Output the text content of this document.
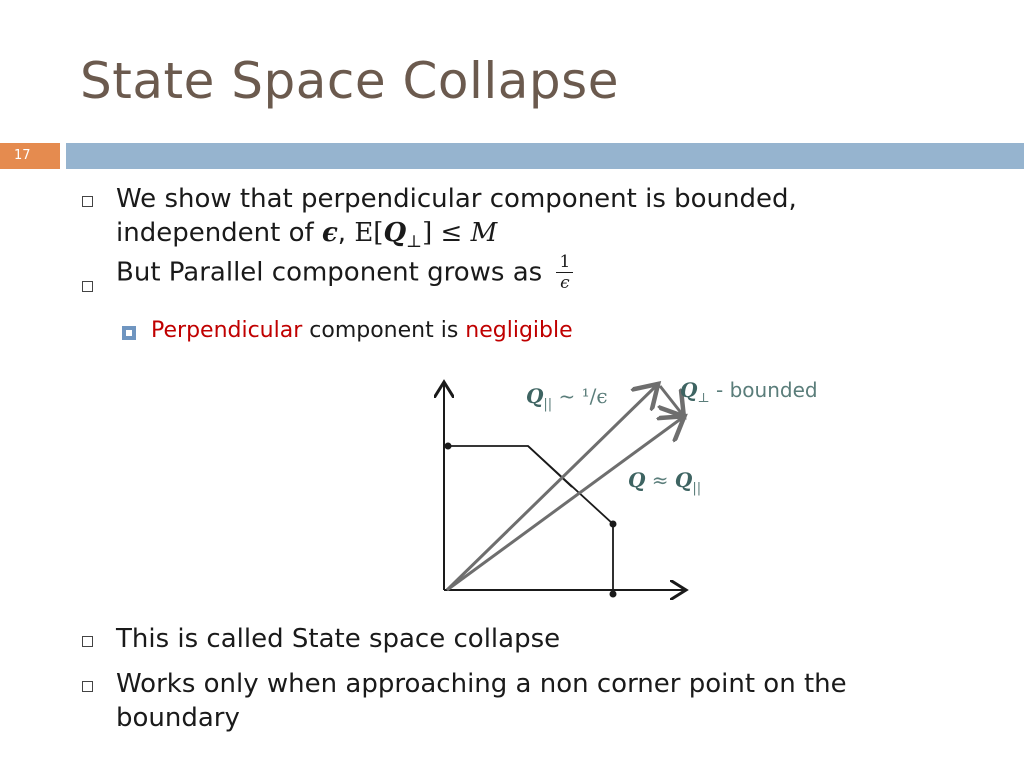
State Space Collapse
17
We show that perpendicular component is bounded,
independent of ϵ, $E[Q_\perp] \le M$
But Parallel component grows as $\frac{1}{\epsilon}$
Perpendicular component is negligible
$Q_{||}$ ~ ¹/ϵ	$Q_\perp$ - bounded
$Q \approx Q_{||}$
This is called State space collapse
Works only when approaching a non corner point on the
boundary
